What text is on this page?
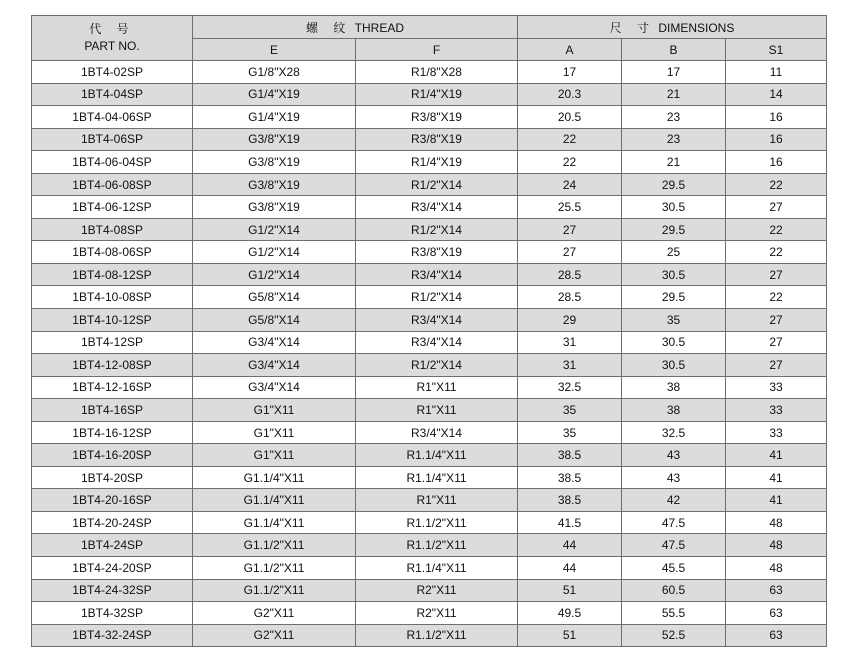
代 号
PART NO.	螺 纹 THREAD		尺 寸 DIMENSIONS		
	E	F	A	B	S1
1BT4-02SP	G1/8"X28	R1/8"X28	17	17	11
1BT4-04SP	G1/4"X19	R1/4"X19	20.3	21	14
1BT4-04-06SP	G1/4"X19	R3/8"X19	20.5	23	16
1BT4-06SP	G3/8"X19	R3/8"X19	22	23	16
1BT4-06-04SP	G3/8"X19	R1/4"X19	22	21	16
1BT4-06-08SP	G3/8"X19	R1/2"X14	24	29.5	22
1BT4-06-12SP	G3/8"X19	R3/4"X14	25.5	30.5	27
1BT4-08SP	G1/2"X14	R1/2"X14	27	29.5	22
1BT4-08-06SP	G1/2"X14	R3/8"X19	27	25	22
1BT4-08-12SP	G1/2"X14	R3/4"X14	28.5	30.5	27
1BT4-10-08SP	G5/8"X14	R1/2"X14	28.5	29.5	22
1BT4-10-12SP	G5/8"X14	R3/4"X14	29	35	27
1BT4-12SP	G3/4"X14	R3/4"X14	31	30.5	27
1BT4-12-08SP	G3/4"X14	R1/2"X14	31	30.5	27
1BT4-12-16SP	G3/4"X14	R1"X11	32.5	38	33
1BT4-16SP	G1"X11	R1"X11	35	38	33
1BT4-16-12SP	G1"X11	R3/4"X14	35	32.5	33
1BT4-16-20SP	G1"X11	R1.1/4"X11	38.5	43	41
1BT4-20SP	G1.1/4"X11	R1.1/4"X11	38.5	43	41
1BT4-20-16SP	G1.1/4"X11	R1"X11	38.5	42	41
1BT4-20-24SP	G1.1/4"X11	R1.1/2"X11	41.5	47.5	48
1BT4-24SP	G1.1/2"X11	R1.1/2"X11	44	47.5	48
1BT4-24-20SP	G1.1/2"X11	R1.1/4"X11	44	45.5	48
1BT4-24-32SP	G1.1/2"X11	R2"X11	51	60.5	63
1BT4-32SP	G2"X11	R2"X11	49.5	55.5	63
1BT4-32-24SP	G2"X11	R1.1/2"X11	51	52.5	63
